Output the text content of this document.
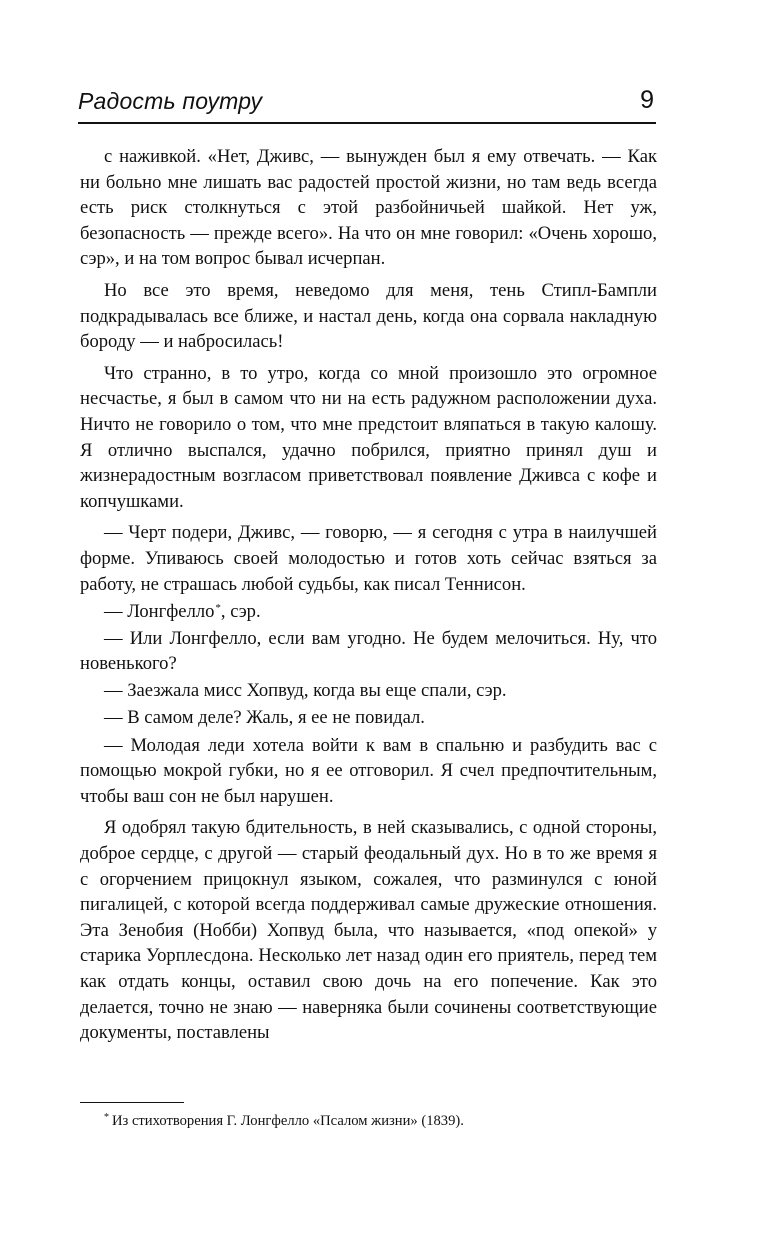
Радость поутру	9

с наживкой. «Нет, Дживс, — вынужден был я ему отвечать. — Как ни больно мне лишать вас радостей простой жизни, но там ведь всегда есть риск столкнуться с этой разбойничьей шайкой. Нет уж, безопасность — прежде всего». На что он мне говорил: «Очень хорошо, сэр», и на том вопрос бывал исчерпан.

Но все это время, неведомо для меня, тень Стипл-Бампли подкрадывалась все ближе, и настал день, когда она сорвала накладную бороду — и набросилась!

Что странно, в то утро, когда со мной произошло это огромное несчастье, я был в самом что ни на есть радужном расположении духа. Ничто не говорило о том, что мне предстоит вляпаться в такую калошу. Я отлично выспался, удачно побрился, приятно принял душ и жизнерадостным возгласом приветствовал появление Дживса с кофе и копчушками.

— Черт подери, Дживс, — говорю, — я сегодня с утра в наилучшей форме. Упиваюсь своей молодостью и готов хоть сейчас взяться за работу, не страшась любой судьбы, как писал Теннисон.

— Лонгфелло*, сэр.

— Или Лонгфелло, если вам угодно. Не будем мелочиться. Ну, что новенького?

— Заезжала мисс Хопвуд, когда вы еще спали, сэр.

— В самом деле? Жаль, я ее не повидал.

— Молодая леди хотела войти к вам в спальню и разбудить вас с помощью мокрой губки, но я ее отговорил. Я счел предпочтительным, чтобы ваш сон не был нарушен.

Я одобрял такую бдительность, в ней сказывались, с одной стороны, доброе сердце, с другой — старый феодальный дух. Но в то же время я с огорчением прицокнул языком, сожалея, что разминулся с юной пигалицей, с которой всегда поддерживал самые дружеские отношения. Эта Зенобия (Нобби) Хопвуд была, что называется, «под опекой» у старика Уорплесдона. Несколько лет назад один его приятель, перед тем как отдать концы, оставил свою дочь на его попечение. Как это делается, точно не знаю — наверняка были сочинены соответствующие документы, поставлены

* Из стихотворения Г. Лонгфелло «Псалом жизни» (1839).
